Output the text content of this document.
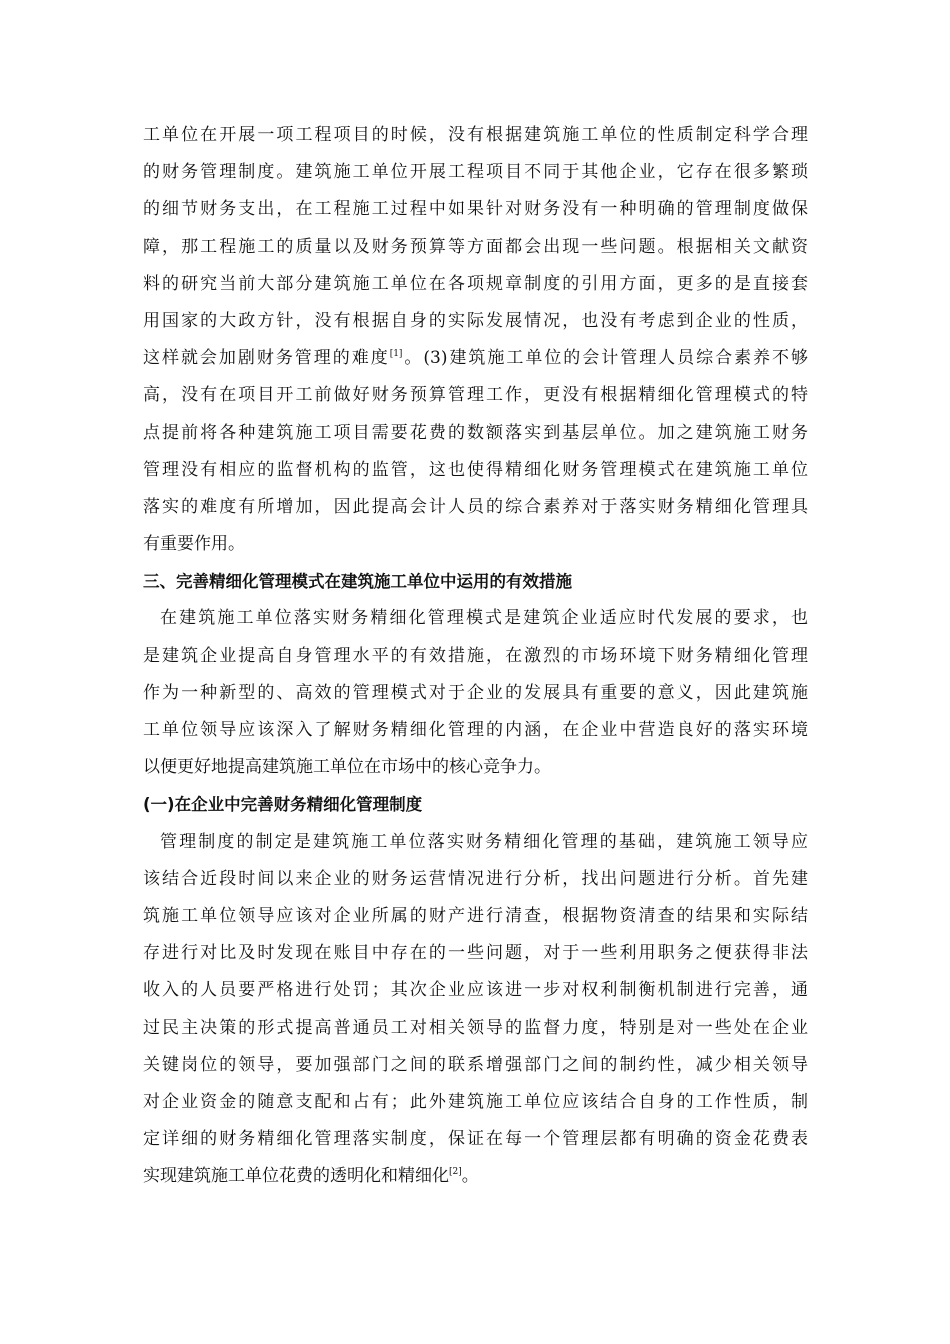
工单位在开展一项工程项目的时候，没有根据建筑施工单位的性质制定科学合理
的财务管理制度。建筑施工单位开展工程项目不同于其他企业，它存在很多繁琐
的细节财务支出，在工程施工过程中如果针对财务没有一种明确的管理制度做保
障，那工程施工的质量以及财务预算等方面都会出现一些问题。根据相关文献资
料的研究当前大部分建筑施工单位在各项规章制度的引用方面，更多的是直接套
用国家的大政方针，没有根据自身的实际发展情况，也没有考虑到企业的性质，
这样就会加剧财务管理的难度[1]。(3)建筑施工单位的会计管理人员综合素养不够
高，没有在项目开工前做好财务预算管理工作，更没有根据精细化管理模式的特
点提前将各种建筑施工项目需要花费的数额落实到基层单位。加之建筑施工财务
管理没有相应的监督机构的监管，这也使得精细化财务管理模式在建筑施工单位
落实的难度有所增加，因此提高会计人员的综合素养对于落实财务精细化管理具
有重要作用。
三、完善精细化管理模式在建筑施工单位中运用的有效措施
在建筑施工单位落实财务精细化管理模式是建筑企业适应时代发展的要求，也
是建筑企业提高自身管理水平的有效措施，在激烈的市场环境下财务精细化管理
作为一种新型的、高效的管理模式对于企业的发展具有重要的意义，因此建筑施
工单位领导应该深入了解财务精细化管理的内涵，在企业中营造良好的落实环境
以便更好地提高建筑施工单位在市场中的核心竞争力。
(一)在企业中完善财务精细化管理制度
管理制度的制定是建筑施工单位落实财务精细化管理的基础，建筑施工领导应
该结合近段时间以来企业的财务运营情况进行分析，找出问题进行分析。首先建
筑施工单位领导应该对企业所属的财产进行清查，根据物资清查的结果和实际结
存进行对比及时发现在账目中存在的一些问题，对于一些利用职务之便获得非法
收入的人员要严格进行处罚；其次企业应该进一步对权利制衡机制进行完善，通
过民主决策的形式提高普通员工对相关领导的监督力度，特别是对一些处在企业
关键岗位的领导，要加强部门之间的联系增强部门之间的制约性，减少相关领导
对企业资金的随意支配和占有；此外建筑施工单位应该结合自身的工作性质，制
定详细的财务精细化管理落实制度，保证在每一个管理层都有明确的资金花费表
实现建筑施工单位花费的透明化和精细化[2]。
